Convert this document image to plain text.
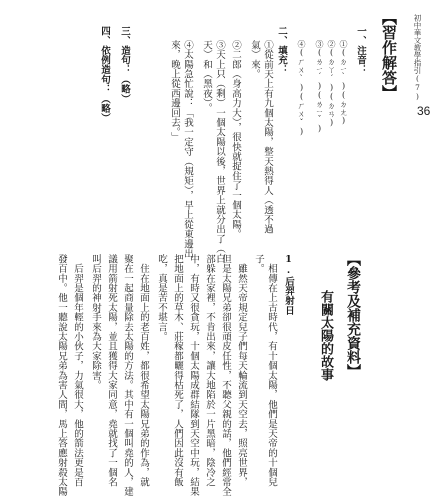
36
初中華文教學指引(7)
【習作解答】
一、注音：
①(ㄉㄧˋ)(ㄉㄤ)
②(ㄉㄚˊ)(ㄉㄢ)
③(ㄌㄧˊ)(ㄌㄧˇ)
④(ㄏㄨˋ)(ㄏㄨˇ)
二、填充：
①從前天上有九個太陽，整天熱得人（透不過
氣）來。
②二郎（身高力大），很快就捉住了一個太陽。
③天上只（剩）一個太陽以後，世界上就分出了（白
天）和（黑夜）。
④太陽急忙說：「我一定守（規矩），早上從東邊出
來，晚上從西邊回去。」
三、造句：（略）
四、依例造句：（略）
【參考及補充資料】
有關太陽的故事
1.后羿射日
　相傳在上古時代，有十個太陽，他們是天帝的十個兒
子。
　雖然天帝規定兒子們每天輪流到天空去，照亮世界，
但是太陽兄弟卻很頑皮任性，不聽父親的話，他們經常全
部躲在家裡，不肯出來，讓大地陷於一片黑暗，陰冷之
中，有時又很貪玩，十個太陽成群結隊到天空中玩，結果
把地面上的草木、莊稼都曬得枯死了，人們因此沒有飯
吃，真是苦不堪言。
　住在地面上的老百姓，都很希望太陽兄弟的作為，就
聚在一起商量除去太陽的方法。其中有一個叫堯的人，建
議用箭射死太陽，並且獲得大家同意，堯就找了一個名
叫后羿的神射手來為大家除害。
　后羿是個年輕的小伙子，力氣很大，他的箭法更是百
發百中。他一聽說太陽兄弟為害人間，馬上答應射殺太陽
